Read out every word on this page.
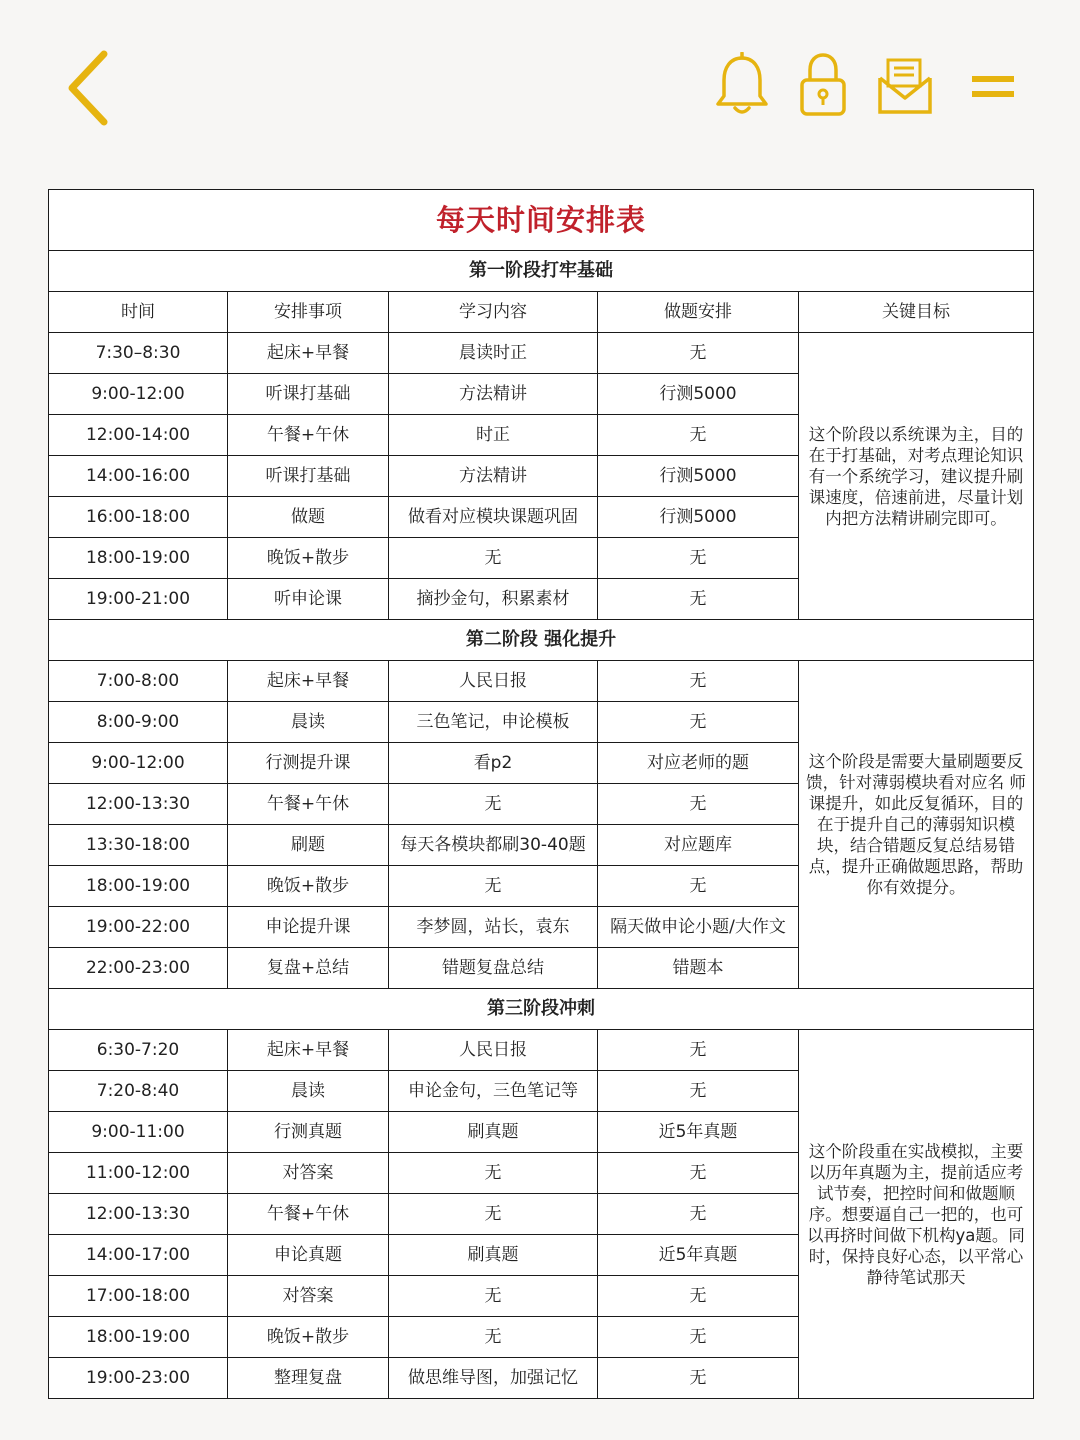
每天时间安排表				
第一阶段打牢基础				
时间	安排事项	学习内容	做题安排	关键目标
7:30–8:30	起床+早餐	晨读时正	无	这个阶段以系统课为主，目的在于打基础，对考点理论知识有一个系统学习，建议提升刷课速度，倍速前进，尽量计划内把方法精讲刷完即可。
9:00-12:00	听课打基础	方法精讲	行测5000	
12:00-14:00	午餐+午休	时正	无	
14:00-16:00	听课打基础	方法精讲	行测5000	
16:00-18:00	做题	做看对应模块课题巩固	行测5000	
18:00-19:00	晚饭+散步	无	无	
19:00-21:00	听申论课	摘抄金句，积累素材	无	
第二阶段 强化提升				
7:00-8:00	起床+早餐	人民日报	无	这个阶段是需要大量刷题要反馈，针对薄弱模块看对应名 师课提升，如此反复循环，目的在于提升自己的薄弱知识模块，结合错题反复总结易错点，提升正确做题思路，帮助你有效提分。
8:00-9:00	晨读	三色笔记，申论模板	无	
9:00-12:00	行测提升课	看p2	对应老师的题	
12:00-13:30	午餐+午休	无	无	
13:30-18:00	刷题	每天各模块都刷30-40题	对应题库	
18:00-19:00	晚饭+散步	无	无	
19:00-22:00	申论提升课	李梦圆，站长，袁东	隔天做申论小题/大作文	
22:00-23:00	复盘+总结	错题复盘总结	错题本	
第三阶段冲刺				
6:30-7:20	起床+早餐	人民日报	无	这个阶段重在实战模拟，主要以历年真题为主，提前适应考试节奏，把控时间和做题顺序。想要逼自己一把的，也可以再挤时间做下机构ya题。同时，保持良好心态，以平常心静待笔试那天
7:20-8:40	晨读	申论金句，三色笔记等	无	
9:00-11:00	行测真题	刷真题	近5年真题	
11:00-12:00	对答案	无	无	
12:00-13:30	午餐+午休	无	无	
14:00-17:00	申论真题	刷真题	近5年真题	
17:00-18:00	对答案	无	无	
18:00-19:00	晚饭+散步	无	无	
19:00-23:00	整理复盘	做思维导图，加强记忆	无	
